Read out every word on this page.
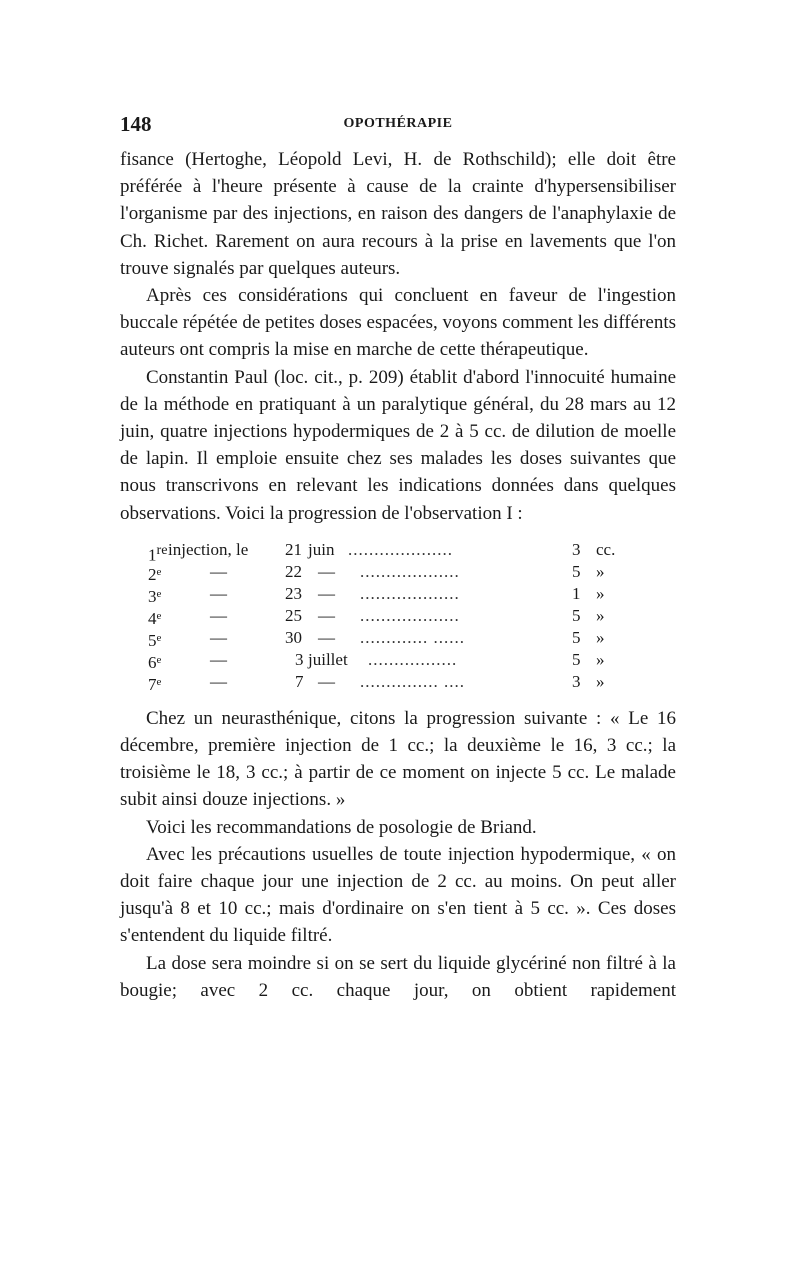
148	OPOTHÉRAPIE

fisance (Hertoghe, Léopold Levi, H. de Rothschild); elle doit être préférée à l'heure présente à cause de la crainte d'hypersensibiliser l'organisme par des injections, en raison des dangers de l'anaphylaxie de Ch. Richet. Rarement on aura recours à la prise en lavements que l'on trouve signalés par quelques auteurs.

Après ces considérations qui concluent en faveur de l'ingestion buccale répétée de petites doses espacées, voyons comment les différents auteurs ont compris la mise en marche de cette thérapeutique.

Constantin Paul (loc. cit., p. 209) établit d'abord l'innocuité humaine de la méthode en pratiquant à un paralytique général, du 28 mars au 12 juin, quatre injections hypodermiques de 2 à 5 cc. de dilution de moelle de lapin. Il emploie ensuite chez ses malades les doses suivantes que nous transcrivons en relevant les indications données dans quelques observations. Voici la progression de l'observation I :

1re injection, le 21 juin ....................	3 cc.
2e	—	22 — ...................	5 »
3e	—	23 — ...................	1 »
4e	—	25 — ...................	5 »
5e	—	30 — ............. ......	5 »
6e	—	3 juillet .................	5 »
7e	—	7 — ............... ....	3 »

Chez un neurasthénique, citons la progression suivante : « Le 16 décembre, première injection de 1 cc.; la deuxième le 16, 3 cc.; la troisième le 18, 3 cc.; à partir de ce moment on injecte 5 cc. Le malade subit ainsi douze injections. »

Voici les recommandations de posologie de Briand.

Avec les précautions usuelles de toute injection hypodermique, « on doit faire chaque jour une injection de 2 cc. au moins. On peut aller jusqu'à 8 et 10 cc.; mais d'ordinaire on s'en tient à 5 cc. ». Ces doses s'entendent du liquide filtré.

La dose sera moindre si on se sert du liquide glycériné non filtré à la bougie; avec 2 cc. chaque jour, on obtient rapidement
